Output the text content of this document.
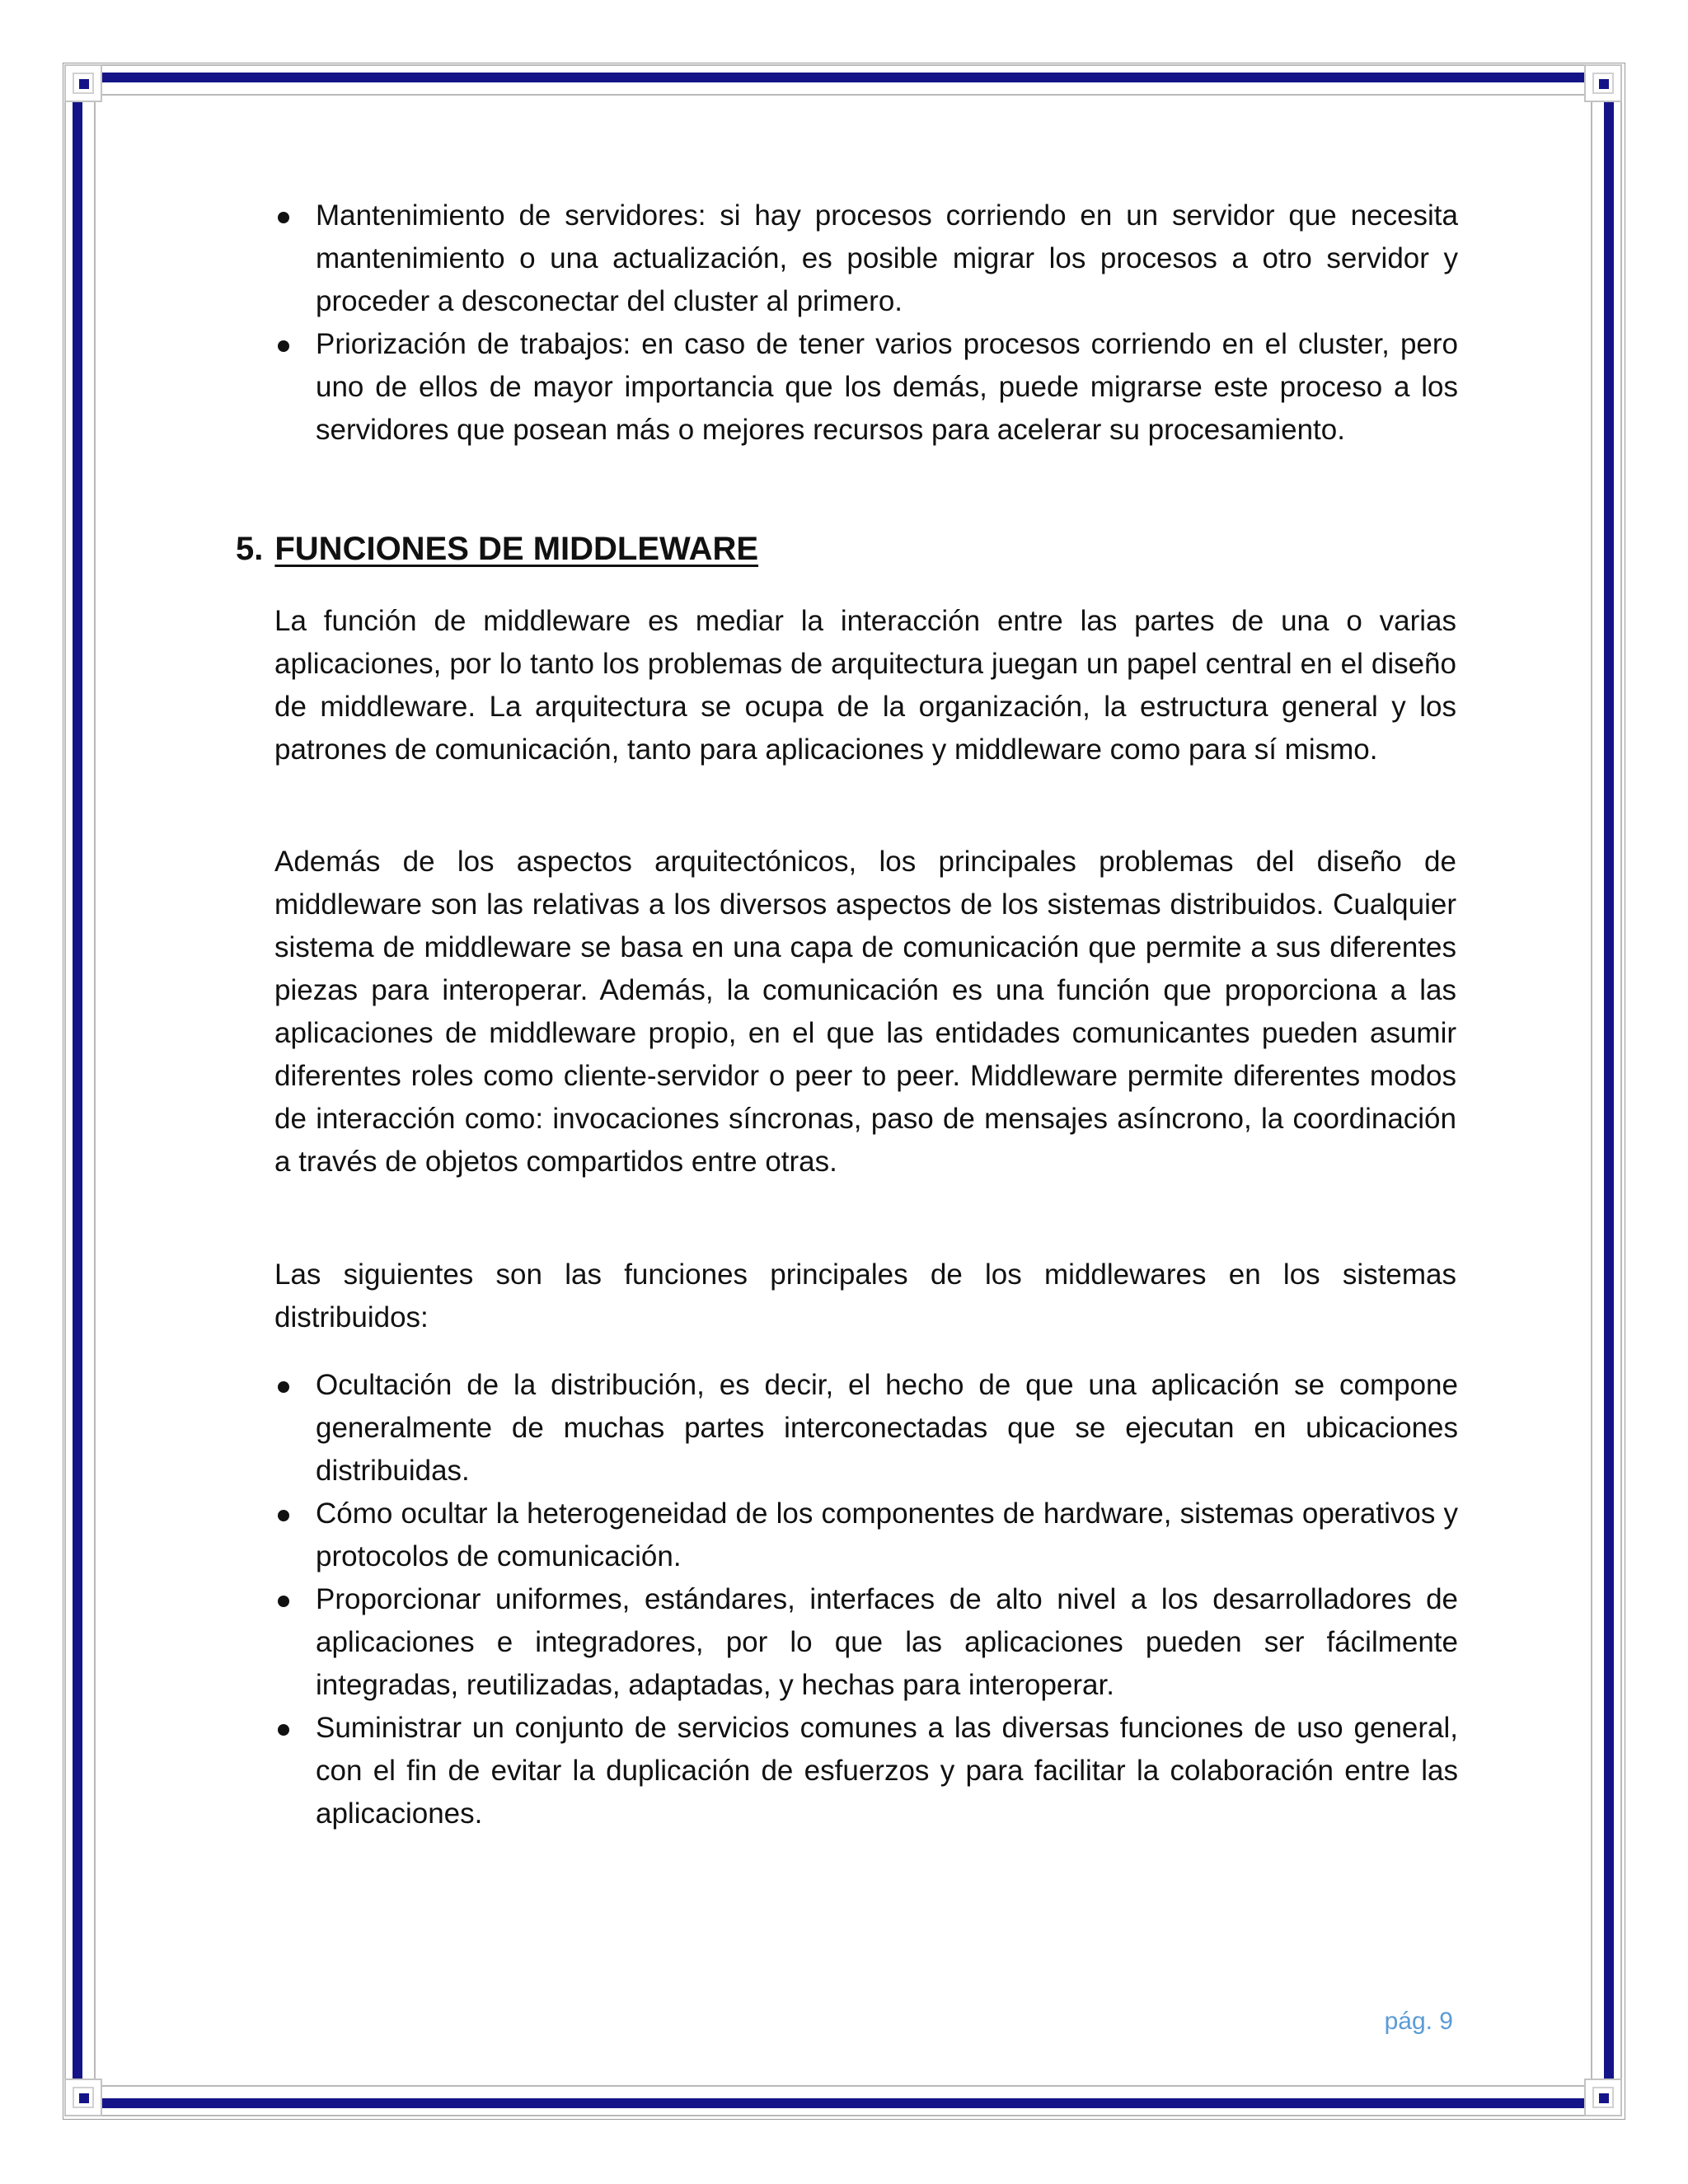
Mantenimiento de servidores: si hay procesos corriendo en un servidor que necesita mantenimiento o una actualización, es posible migrar los procesos a otro servidor y proceder a desconectar del cluster al primero.
Priorización de trabajos: en caso de tener varios procesos corriendo en el cluster, pero uno de ellos de mayor importancia que los demás, puede migrarse este proceso a los servidores que posean más o mejores recursos para acelerar su procesamiento.
5. FUNCIONES DE MIDDLEWARE

La función de middleware es mediar la interacción entre las partes de una o varias aplicaciones, por lo tanto los problemas de arquitectura juegan un papel central en el diseño de middleware. La arquitectura se ocupa de la organización, la estructura general y los patrones de comunicación, tanto para aplicaciones y middleware como para sí mismo.

Además de los aspectos arquitectónicos, los principales problemas del diseño de middleware son las relativas a los diversos aspectos de los sistemas distribuidos. Cualquier sistema de middleware se basa en una capa de comunicación que permite a sus diferentes piezas para interoperar. Además, la comunicación es una función que proporciona a las aplicaciones de middleware propio, en el que las entidades comunicantes pueden asumir diferentes roles como cliente-servidor o peer to peer. Middleware permite diferentes modos de interacción como: invocaciones síncronas, paso de mensajes asíncrono, la coordinación a través de objetos compartidos entre otras.

Las siguientes son las funciones principales de los middlewares en los sistemas distribuidos:

Ocultación de la distribución, es decir, el hecho de que una aplicación se compone generalmente de muchas partes interconectadas que se ejecutan en ubicaciones distribuidas.
Cómo ocultar la heterogeneidad de los componentes de hardware, sistemas operativos y protocolos de comunicación.
Proporcionar uniformes, estándares, interfaces de alto nivel a los desarrolladores de aplicaciones e integradores, por lo que las aplicaciones pueden ser fácilmente integradas, reutilizadas, adaptadas, y hechas para interoperar.
Suministrar un conjunto de servicios comunes a las diversas funciones de uso general, con el fin de evitar la duplicación de esfuerzos y para facilitar la colaboración entre las aplicaciones.

pág. 9
